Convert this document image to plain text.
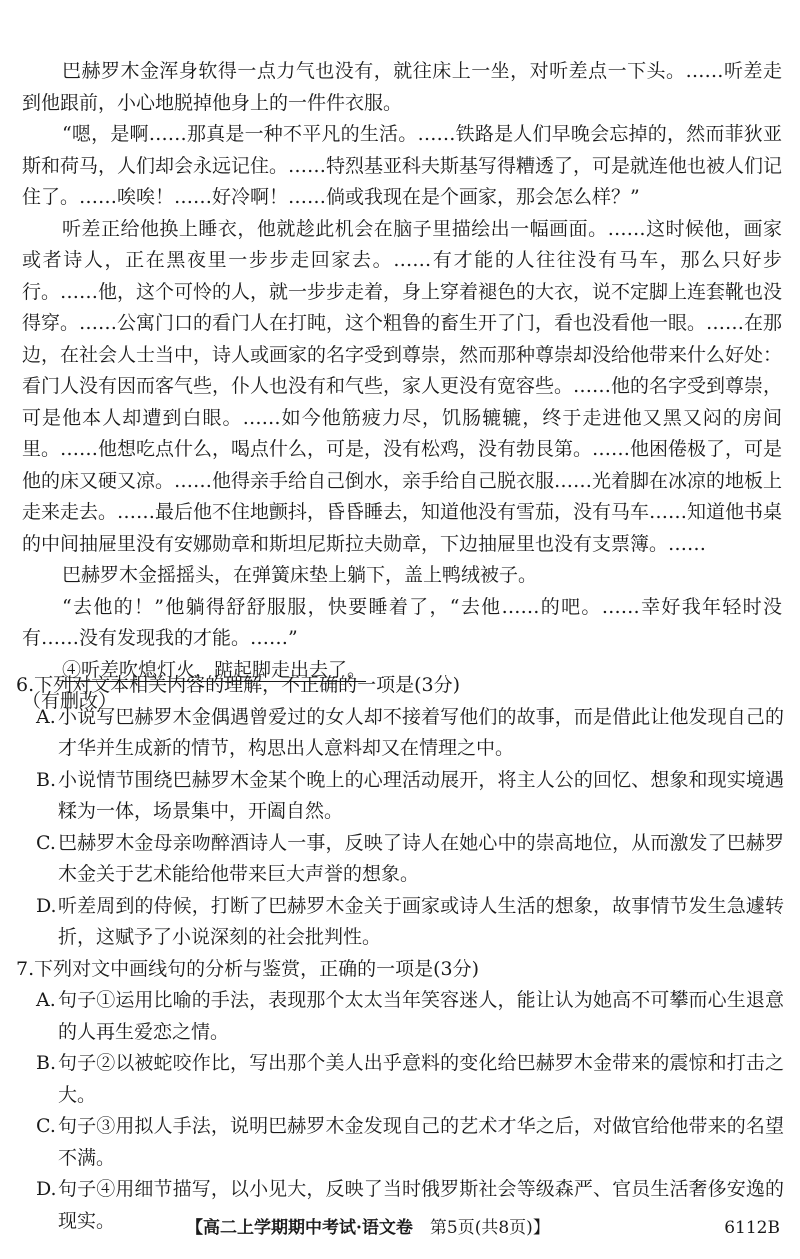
巴赫罗木金浑身软得一点力气也没有，就往床上一坐，对听差点一下头。……听差走到他跟前，小心地脱掉他身上的一件件衣服。

“嗯，是啊……那真是一种不平凡的生活。……铁路是人们早晚会忘掉的，然而菲狄亚斯和荷马，人们却会永远记住。……特烈基亚科夫斯基写得糟透了，可是就连他也被人们记住了。……唉唉！……好冷啊！……倘或我现在是个画家，那会怎么样？”

听差正给他换上睡衣，他就趁此机会在脑子里描绘出一幅画面。……这时候他，画家或者诗人，正在黑夜里一步步走回家去。……有才能的人往往没有马车，那么只好步行。……他，这个可怜的人，就一步步走着，身上穿着褪色的大衣，说不定脚上连套靴也没得穿。……公寓门口的看门人在打盹，这个粗鲁的畜生开了门，看也没看他一眼。……在那边，在社会人士当中，诗人或画家的名字受到尊崇，然而那种尊崇却没给他带来什么好处：看门人没有因而客气些，仆人也没有和气些，家人更没有宽容些。……他的名字受到尊崇，可是他本人却遭到白眼。……如今他筋疲力尽，饥肠辘辘，终于走进他又黑又闷的房间里。……他想吃点什么，喝点什么，可是，没有松鸡，没有勃艮第。……他困倦极了，可是他的床又硬又凉。……他得亲手给自己倒水，亲手给自己脱衣服……光着脚在冰凉的地板上走来走去。……最后他不住地颤抖，昏昏睡去，知道他没有雪茄，没有马车……知道他书桌的中间抽屉里没有安娜勋章和斯坦尼斯拉夫勋章，下边抽屉里也没有支票簿。……

巴赫罗木金摇摇头，在弹簧床垫上躺下，盖上鸭绒被子。

“去他的！”他躺得舒舒服服，快要睡着了，“去他……的吧。……幸好我年轻时没有……没有发现我的才能。……”

④听差吹熄灯火，踮起脚走出去了。

（有删改）

6.下列对文本相关内容的理解，不正确的一项是(3分)

A. 小说写巴赫罗木金偶遇曾爱过的女人却不接着写他们的故事，而是借此让他发现自己的才华并生成新的情节，构思出人意料却又在情理之中。
B. 小说情节围绕巴赫罗木金某个晚上的心理活动展开，将主人公的回忆、想象和现实境遇糅为一体，场景集中，开阖自然。
C. 巴赫罗木金母亲吻醉酒诗人一事，反映了诗人在她心中的崇高地位，从而激发了巴赫罗木金关于艺术能给他带来巨大声誉的想象。
D. 听差周到的侍候，打断了巴赫罗木金关于画家或诗人生活的想象，故事情节发生急遽转折，这赋予了小说深刻的社会批判性。

7.下列对文中画线句的分析与鉴赏，正确的一项是(3分)

A. 句子①运用比喻的手法，表现那个太太当年笑容迷人，能让认为她高不可攀而心生退意的人再生爱恋之情。
B. 句子②以被蛇咬作比，写出那个美人出乎意料的变化给巴赫罗木金带来的震惊和打击之大。
C. 句子③用拟人手法，说明巴赫罗木金发现自己的艺术才华之后，对做官给他带来的名望不满。
D. 句子④用细节描写，以小见大，反映了当时俄罗斯社会等级森严、官员生活奢侈安逸的现实。	【高二上学期期中考试·语文卷　 第5页(共8页)】	6112B
